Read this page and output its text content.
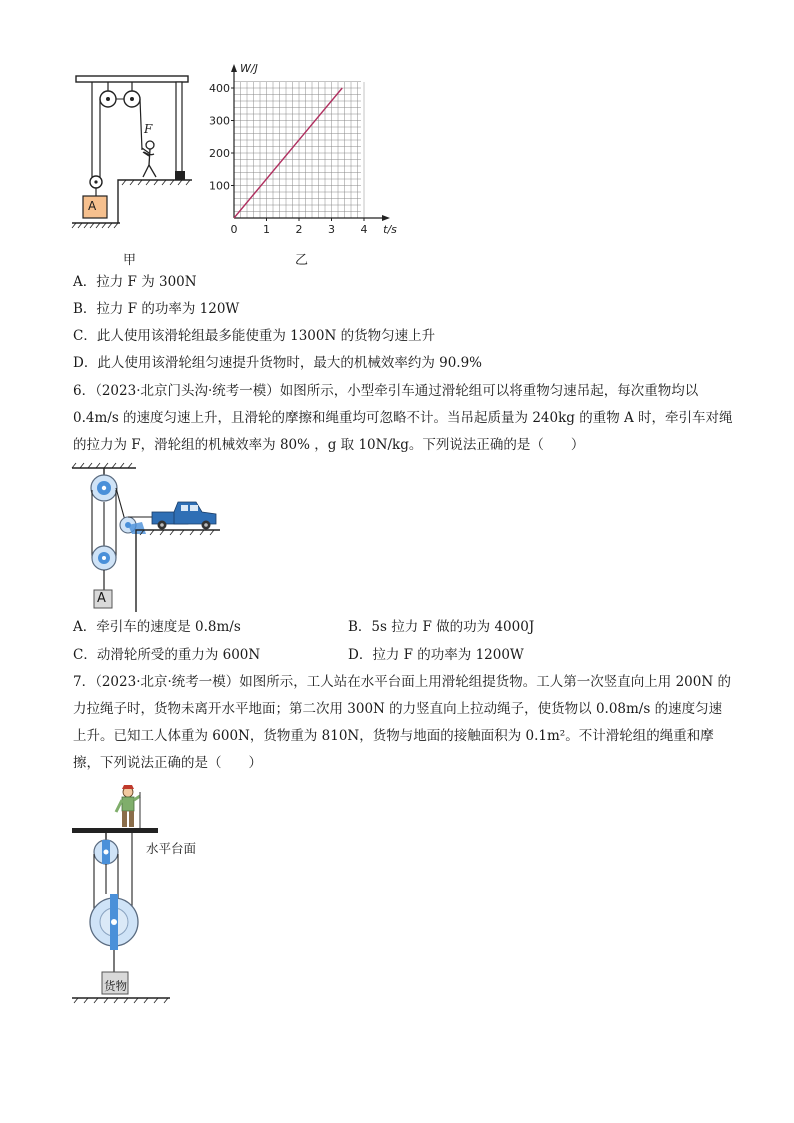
F
A
甲
100
200
300
400
1 2 3 4
0
W/J
t/s
乙
A．拉力 F 为 300N
B．拉力 F 的功率为 120W
C．此人使用该滑轮组最多能使重为 1300N 的货物匀速上升
D．此人使用该滑轮组匀速提升货物时，最大的机械效率约为 90.9%
6．（2023·北京门头沟·统考一模）如图所示，小型牵引车通过滑轮组可以将重物匀速吊起，每次重物均以 0.4m/s 的速度匀速上升，且滑轮的摩擦和绳重均可忽略不计。当吊起质量为 240kg 的重物 A 时，牵引车对绳的拉力为 F，滑轮组的机械效率为 80% ，g 取 10N/kg。下列说法正确的是（　　）
A
A．牵引车的速度是 0.8m/s	B．5s 拉力 F 做的功为 4000J
C．动滑轮所受的重力为 600N	D．拉力 F 的功率为 1200W
7．（2023·北京·统考一模）如图所示，工人站在水平台面上用滑轮组提货物。工人第一次竖直向上用 200N 的力拉绳子时，货物未离开水平地面；第二次用 300N 的力竖直向上拉动绳子，使货物以 0.08m/s 的速度匀速上升。已知工人体重为 600N，货物重为 810N，货物与地面的接触面积为 0.1m²。不计滑轮组的绳重和摩擦，下列说法正确的是（　　）
水平台面
货物
